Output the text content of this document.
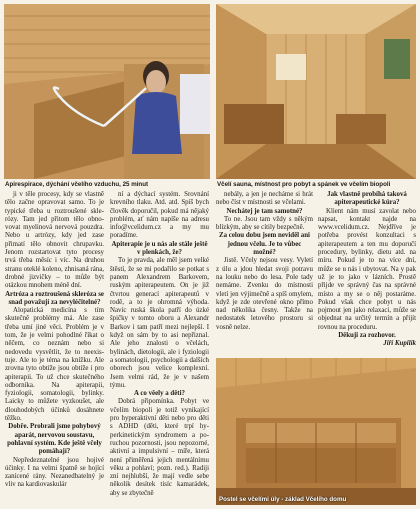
Apirespirace, dýchání včelího vzduchu, 25 minut	Včelí sauna, místnost pro pobyt a spánek ve včelím biopoli
Postel se včelími úly - základ Včelího domu

ji v těle procesy, kdy se vlastně tělo začne opravovat samo. To je typické třeba u roztroušené sklerózy. Tam jed přitom tělo obnovovat myelinová nervová pouzdra. Nebo u artrózy, kdy jed zase přimatí tělo obnovit chrupavku. Jenom rozstartovat tyto procesy trvá třeba měsíc i víc. Na druhou stranu oteklé koleno, zhnisaná rána, drobné jizvičky – to může být otázkou mnohem méně dní.

Artróza a roztroušená skleróza se snad považují za nevyléčitelné?

Alopatická medicína s tím skutečně problémy má. Ale zase třeba umí jiné věci. Problém je v tom, že je velmi pohodlné říkat o něčem, co neznám nebo si nedovedu vysvětlit, že to neexistuje. Ale to je téma na knížku. Ale zrovna tyto obtíže jsou obtíže i pro apiterapii. To už chce skutečného odborníka. Na apiterapii, fyziologii, somatologii, bylinky. Laicky to můžete vyzkoušet, ale dlouhodobých účinků dosáhnete těžko.

Dobře. Probrali jsme pohybový aparát, nervovou soustavu, pohlavní systém. Kde ještě včely pomáhají?

Nepředeznatelné jsou hojivé účinky. I na velmi špatně se hojící zanícené rány. Nezanedbatelný je vliv na kardiovaskulár

ní a dýchací systém. Srovnání krevního tlaku. Atd. atd. Spíš bych člověk doporučil, pokud má nějaký problém, ať nám napíše na adresu info@vcelidum.cz a my mu poradíme.

Apiterapie je u nás ale stále ještě v plenkách, že?

To je pravda, ale měl jsem velké štěstí, že se mi podařilo se potkat s panem Alexandrem Barkovem, ruským apiterapeutem. On je již čtvrtou generací apiterapeutů v rodě, a to je ohromná výhoda. Navíc ruská škola patří do úzké špičky v tomto oboru a Alexandr Barkov i tam patří mezi nejlepší. I když on sám by to asi nepřiznal. Ale jeho znalosti o včelách, bylinách, dietologii, ale i fyziologii a somatologii, psychologii a dalších oborech jsou velice komplexní. Jsem velmi rád, že je v našem týmu.

A co věely a děti?

Dobrá připomínka. Pobyt ve včelím biopoli je totiž vynikající pro hyperaktivní děti nebo pro děti s ADHD (děti, které trpí hyperkinetickým syndromem a poruchou pozornosti, jsou nepozorné, aktivní a impulsivní – míře, která není přiměřená jejich mentálnímu věku a pohlaví; pozn. red.). Radiji zní nejhlubší, že mají vedle sebe několik desítek tisíc kamarádek, aby se zbytečně

nebály, a jen je necháme si hrát nebo číst v místnosti se včelami.

Nechátej je tam samotné?

To ne. Jsou tam vždy s někým blízkým, aby se cítily bezpečně.

Za celou dobu jsem neviděl ani jednou včelu. Je to vůbec možné?

Jistě. Včely nejsou vesy. Vyletí z úlu a jdou hledat svoji potravu na louku nebo do lesa. Pole tady nemáme. Zvenku do místnosti vletí jen výjimečně a spíš omylem, když je zde otevřené okno přímo nad několika česny. Takže na nedostatek letového prostoru si vosně nelze.

Jak vlastně probíhá taková apiterapeutické kúra?

Klient nám musí zavolat nebo napsat, kontakt najde na www.vcelidum.cz. Nejdříve je potřeba provést konzultaci s apiterapeutem a ten mu doporučí procedury, bylinky, dietu atd. na míru. Pokud je to na více dní, může se u nás i ubytovat. Na y pak už je to jako v lázních. Prostě přijde ve správný čas na správné místo a my se o něj postaráme. Pokud však chce pobyt u nás pojmout jen jako relaxaci, může se objednat na určitý termín a přijít rovnou na proceduru.

Děkuji za rozhovor.

Jiří Kupilík
